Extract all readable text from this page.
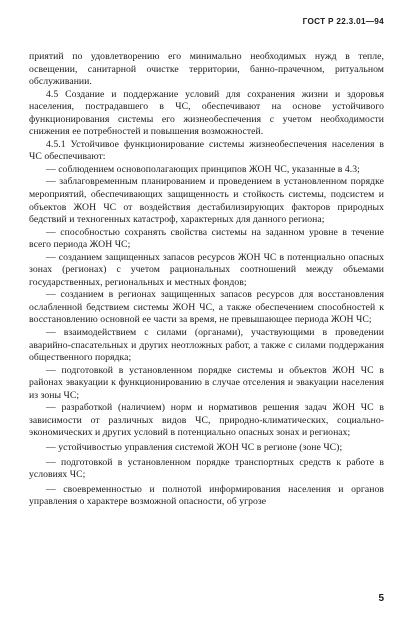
ГОСТ Р 22.3.01—94

приятий по удовлетворению его минимально необходимых нужд в тепле, освещении, санитарной очистке территории, банно-прачечном, ритуальном обслуживании.

4.5 Создание и поддержание условий для сохранения жизни и здоровья населения, пострадавшего в ЧС, обеспечивают на основе устойчивого функционирования системы его жизнеобеспечения с учетом необходимости снижения ее потребностей и повышения возможностей.

4.5.1 Устойчивое функционирование системы жизнеобеспечения населения в ЧС обеспечивают:

— соблюдением основополагающих принципов ЖОН ЧС, указанные в 4.3;

— заблаговременным планированием и проведением в установленном порядке мероприятий, обеспечивающих защищенность и стойкость системы, подсистем и объектов ЖОН ЧС от воздействия дестабилизирующих факторов природных бедствий и техногенных катастроф, характерных для данного региона;

— способностью сохранять свойства системы на заданном уровне в течение всего периода ЖОН ЧС;

— созданием защищенных запасов ресурсов ЖОН ЧС в потенциально опасных зонах (регионах) с учетом рациональных соотношений между объемами государственных, региональных и местных фондов;

— созданием в регионах защищенных запасов ресурсов для восстановления ослабленной бедствием системы ЖОН ЧС, а также обеспечением способностей к восстановлению основной ее части за время, не превышающее периода ЖОН ЧС;

— взаимодействием с силами (органами), участвующими в проведении аварийно-спасательных и других неотложных работ, а также с силами поддержания общественного порядка;

— подготовкой в установленном порядке системы и объектов ЖОН ЧС в районах эвакуации к функционированию в случае отселения и эвакуации населения из зоны ЧС;

— разработкой (наличием) норм и нормативов решения задач ЖОН ЧС в зависимости от различных видов ЧС, природно-климатических, социально-экономических и других условий в потенциально опасных зонах и регионах;

— устойчивостью управления системой ЖОН ЧС в регионе (зоне ЧС);

— подготовкой в установленном порядке транспортных средств к работе в условиях ЧС;

— своевременностью и полнотой информирования населения и органов управления о характере возможной опасности, об угрозе

5
